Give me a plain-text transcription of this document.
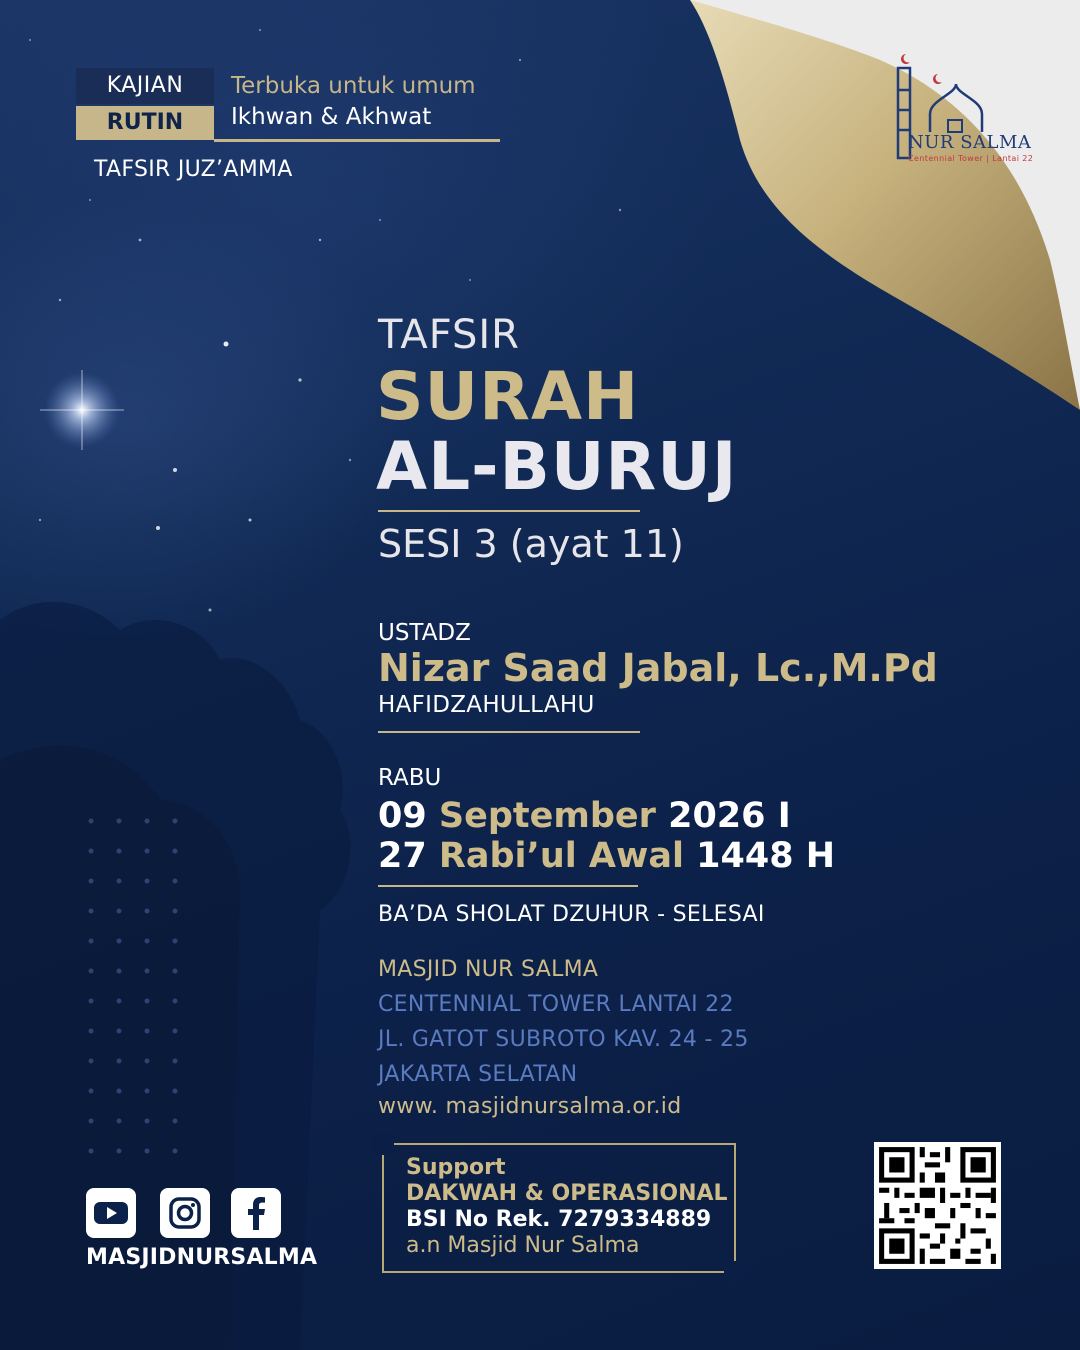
NUR SALMA
Centennial Tower | Lantai 22
KAJIAN
RUTIN
Terbuka untuk umum
Ikhwan & Akhwat
TAFSIR JUZ’AMMA
TAFSIR
SURAH
AL-BURUJ
SESI 3 (ayat 11)
USTADZ
Nizar Saad Jabal, Lc.,M.Pd
HAFIDZAHULLAHU
RABU
09 September 2026 I
27 Rabi’ul Awal 1448 H
BA’DA SHOLAT DZUHUR - SELESAI
MASJID NUR SALMA
CENTENNIAL TOWER LANTAI 22
JL. GATOT SUBROTO KAV. 24 - 25
JAKARTA SELATAN
www. masjidnursalma.or.id
Support
DAKWAH & OPERASIONAL
BSI No Rek. 7279334889
a.n Masjid Nur Salma
MASJIDNURSALMA
